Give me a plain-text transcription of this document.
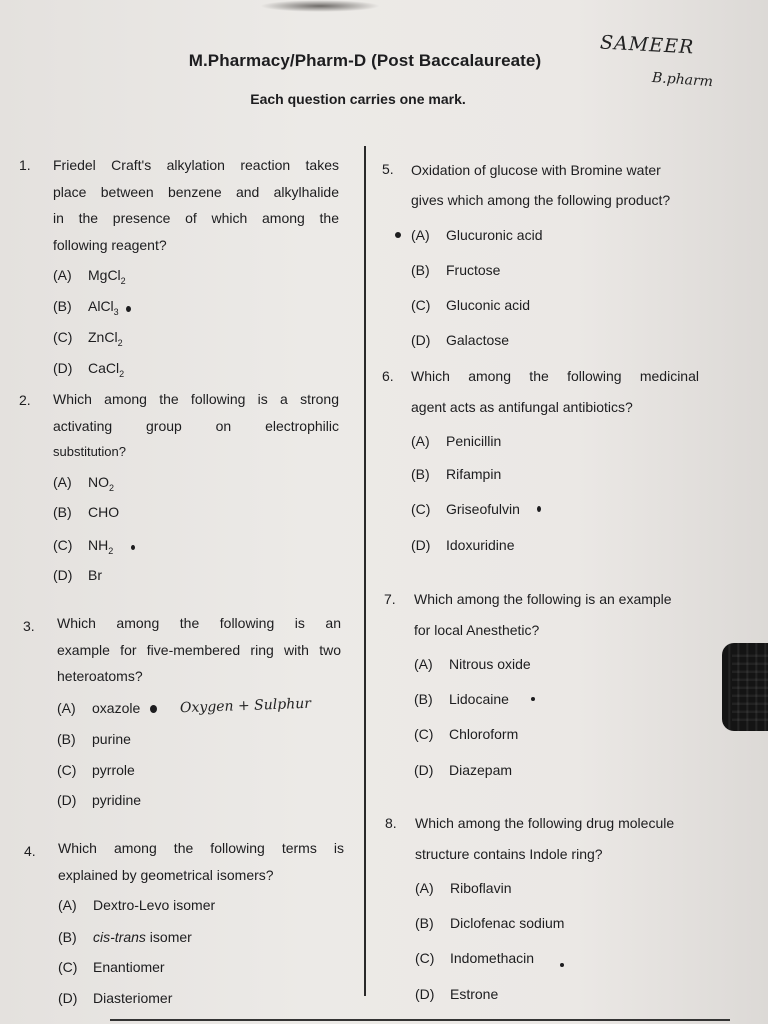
M.Pharmacy/Pharm-D (Post Baccalaureate)
Each question carries one mark.
SAMEER
B.pharm
Oxygen + Sulphur
1. Friedel Craft's alkylation reaction takes
place between benzene and alkylhalide
in the presence of which among the
following reagent?
(A) MgCl$_2$
(B) AlCl$_3$
(C) ZnCl$_2$
(D) CaCl$_2$
2. Which among the following is a strong
activating group on electrophilic
substitution?
(A) $NO_2$
(B) CHO
(C) $NH_2$
(D) Br
3. Which among the following is an
example for five-membered ring with two
heteroatoms?
(A) oxazole
(B) purine
(C) pyrrole
(D) pyridine
4. Which among the following terms is
explained by geometrical isomers?
(A) Dextro-Levo isomer
(B) cis-trans isomer
(C) Enantiomer
(D) Diasteriomer
5. Oxidation of glucose with Bromine water
gives which among the following product?
(A) Glucuronic acid
(B) Fructose
(C) Gluconic acid
(D) Galactose
6. Which among the following medicinal
agent acts as antifungal antibiotics?
(A) Penicillin
(B) Rifampin
(C) Griseofulvin
(D) Idoxuridine
7. Which among the following is an example
for local Anesthetic?
(A) Nitrous oxide
(B) Lidocaine
(C) Chloroform
(D) Diazepam
8. Which among the following drug molecule
structure contains Indole ring?
(A) Riboflavin
(B) Diclofenac sodium
(C) Indomethacin
(D) Estrone
